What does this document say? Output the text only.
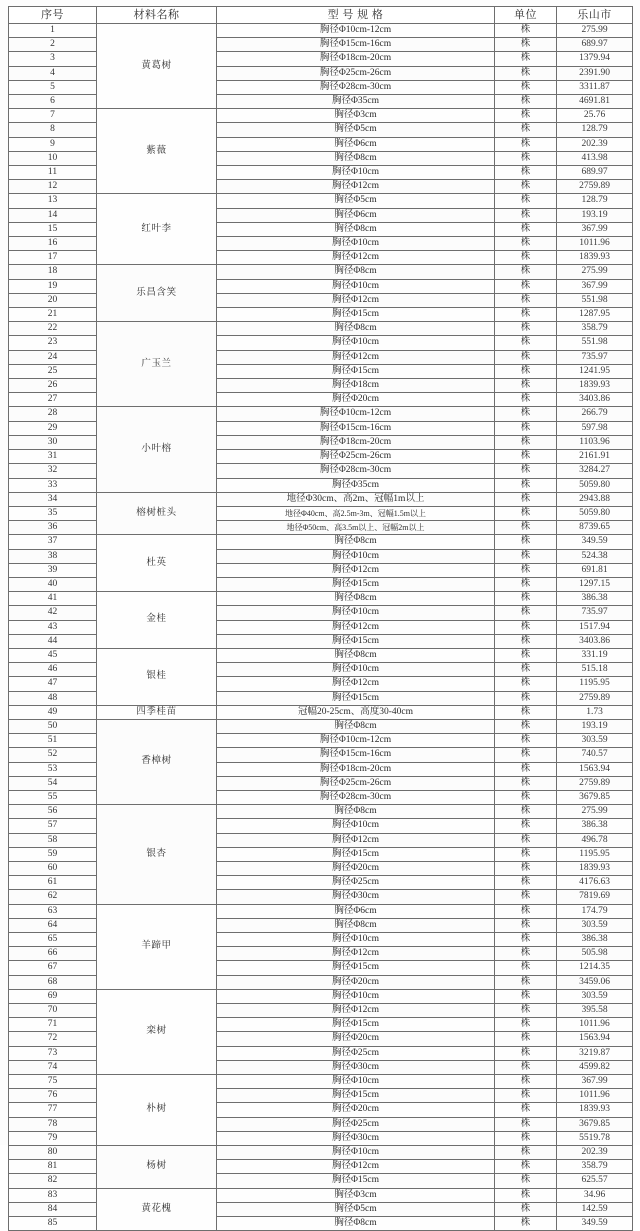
序号	材料名称	型 号 规 格	单位	乐山市
1	黄葛树	胸径Φ10cm-12cm	株	275.99
2		胸径Φ15cm-16cm	株	689.97
3		胸径Φ18cm-20cm	株	1379.94
4		胸径Φ25cm-26cm	株	2391.90
5		胸径Φ28cm-30cm	株	3311.87
6		胸径Φ35cm	株	4691.81
7	紫薇	胸径Φ3cm	株	25.76
8		胸径Φ5cm	株	128.79
9		胸径Φ6cm	株	202.39
10		胸径Φ8cm	株	413.98
11		胸径Φ10cm	株	689.97
12		胸径Φ12cm	株	2759.89
13	红叶李	胸径Φ5cm	株	128.79
14		胸径Φ6cm	株	193.19
15		胸径Φ8cm	株	367.99
16		胸径Φ10cm	株	1011.96
17		胸径Φ12cm	株	1839.93
18	乐昌含笑	胸径Φ8cm	株	275.99
19		胸径Φ10cm	株	367.99
20		胸径Φ12cm	株	551.98
21		胸径Φ15cm	株	1287.95
22	广玉兰	胸径Φ8cm	株	358.79
23		胸径Φ10cm	株	551.98
24		胸径Φ12cm	株	735.97
25		胸径Φ15cm	株	1241.95
26		胸径Φ18cm	株	1839.93
27		胸径Φ20cm	株	3403.86
28	小叶榕	胸径Φ10cm-12cm	株	266.79
29		胸径Φ15cm-16cm	株	597.98
30		胸径Φ18cm-20cm	株	1103.96
31		胸径Φ25cm-26cm	株	2161.91
32		胸径Φ28cm-30cm	株	3284.27
33		胸径Φ35cm	株	5059.80
34	榕树桩头	地径Φ30cm、高2m、冠幅1m以上	株	2943.88
35		地径Φ40cm、高2.5m-3m、冠幅1.5m以上	株	5059.80
36		地径Φ50cm、高3.5m以上、冠幅2m以上	株	8739.65
37	杜英	胸径Φ8cm	株	349.59
38		胸径Φ10cm	株	524.38
39		胸径Φ12cm	株	691.81
40		胸径Φ15cm	株	1297.15
41	金桂	胸径Φ8cm	株	386.38
42		胸径Φ10cm	株	735.97
43		胸径Φ12cm	株	1517.94
44		胸径Φ15cm	株	3403.86
45	银桂	胸径Φ8cm	株	331.19
46		胸径Φ10cm	株	515.18
47		胸径Φ12cm	株	1195.95
48		胸径Φ15cm	株	2759.89
49	四季桂苗	冠幅20-25cm、高度30-40cm	株	1.73
50	香樟树	胸径Φ8cm	株	193.19
51		胸径Φ10cm-12cm	株	303.59
52		胸径Φ15cm-16cm	株	740.57
53		胸径Φ18cm-20cm	株	1563.94
54		胸径Φ25cm-26cm	株	2759.89
55		胸径Φ28cm-30cm	株	3679.85
56	银杏	胸径Φ8cm	株	275.99
57		胸径Φ10cm	株	386.38
58		胸径Φ12cm	株	496.78
59		胸径Φ15cm	株	1195.95
60		胸径Φ20cm	株	1839.93
61		胸径Φ25cm	株	4176.63
62		胸径Φ30cm	株	7819.69
63	羊蹄甲	胸径Φ6cm	株	174.79
64		胸径Φ8cm	株	303.59
65		胸径Φ10cm	株	386.38
66		胸径Φ12cm	株	505.98
67		胸径Φ15cm	株	1214.35
68		胸径Φ20cm	株	3459.06
69	栾树	胸径Φ10cm	株	303.59
70		胸径Φ12cm	株	395.58
71		胸径Φ15cm	株	1011.96
72		胸径Φ20cm	株	1563.94
73		胸径Φ25cm	株	3219.87
74		胸径Φ30cm	株	4599.82
75	朴树	胸径Φ10cm	株	367.99
76		胸径Φ15cm	株	1011.96
77		胸径Φ20cm	株	1839.93
78		胸径Φ25cm	株	3679.85
79		胸径Φ30cm	株	5519.78
80	杨树	胸径Φ10cm	株	202.39
81		胸径Φ12cm	株	358.79
82		胸径Φ15cm	株	625.57
83	黄花槐	胸径Φ3cm	株	34.96
84		胸径Φ5cm	株	142.59
85		胸径Φ8cm	株	349.59
